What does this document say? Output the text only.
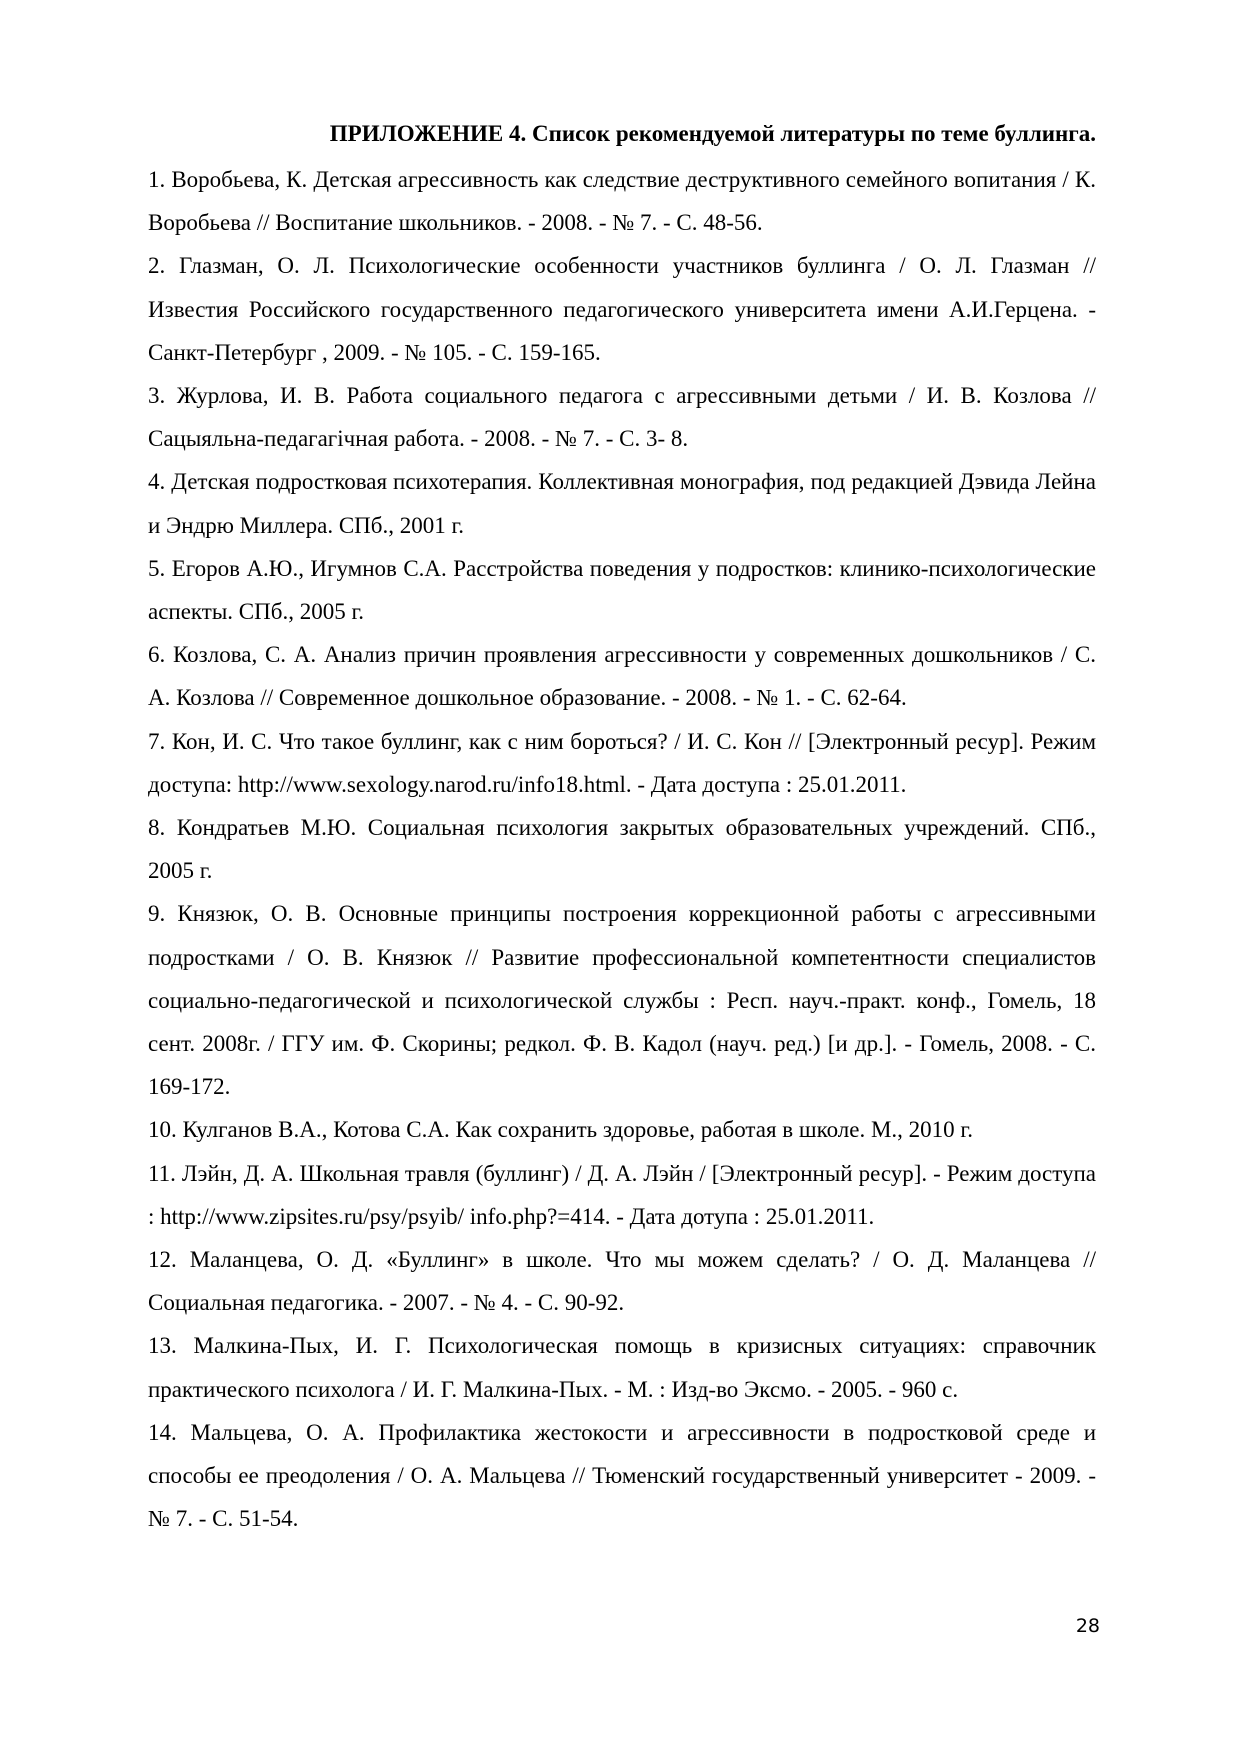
ПРИЛОЖЕНИЕ 4. Список рекомендуемой литературы по теме буллинга.

1. Воробьева, К. Детская агрессивность как следствие деструктивного семейного вопитания / К. Воробьева // Воспитание школьников. - 2008. - № 7. - С. 48-56.

2. Глазман, О. Л. Психологические особенности участников буллинга / О. Л. Глазман // Известия Российского государственного педагогического университета имени А.И.Герцена. - Санкт-Петербург , 2009. - № 105. - С. 159-165.

3. Журлова, И. В. Работа социального педагога с агрессивными детьми / И. В. Козлова // Сацыяльна-педагагічная работа. - 2008. - № 7. - С. 3- 8.

4. Детская подростковая психотерапия. Коллективная монография, под редакцией Дэвида Лейна и Эндрю Миллера. СПб., 2001 г.

5. Егоров А.Ю., Игумнов С.А. Расстройства поведения у подростков: клинико-психологические аспекты. СПб., 2005 г.

6. Козлова, С. А. Анализ причин проявления агрессивности у современных дошкольников / С. А. Козлова // Современное дошкольное образование. - 2008. - № 1. - С. 62-64.

7. Кон, И. С. Что такое буллинг, как с ним бороться? / И. С. Кон // [Электронный ресур]. Режим доступа: http://www.sexology.narod.ru/info18.html. - Дата доступа : 25.01.2011.

8. Кондратьев М.Ю. Социальная психология закрытых образовательных учреждений. СПб., 2005 г.

9. Князюк, О. В. Основные принципы построения коррекционной работы с агрессивными подростками / О. В. Князюк // Развитие профессиональной компетентности специалистов социально-педагогической и психологической службы : Респ. науч.-практ. конф., Гомель, 18 сент. 2008г. / ГГУ им. Ф. Скорины; редкол. Ф. В. Кадол (науч. ред.) [и др.]. - Гомель, 2008. - С. 169-172.

10. Кулганов В.А., Котова С.А. Как сохранить здоровье, работая в школе. М., 2010 г.

11. Лэйн, Д. А. Школьная травля (буллинг) / Д. А. Лэйн / [Электронный ресур]. - Режим доступа : http://www.zipsites.ru/psy/psyib/ info.php?=414. - Дата дотупа : 25.01.2011.

12. Маланцева, О. Д. «Буллинг» в школе. Что мы можем сделать? / О. Д. Маланцева // Социальная педагогика. - 2007. - № 4. - С. 90-92.

13. Малкина-Пых, И. Г. Психологическая помощь в кризисных ситуациях: справочник практического психолога / И. Г. Малкина-Пых. - М. : Изд-во Эксмо. - 2005. - 960 с.

14. Мальцева, О. А. Профилактика жестокости и агрессивности в подростковой среде и способы ее преодоления / О. А. Мальцева // Тюменский государственный университет - 2009. - № 7. - С. 51-54.

28
